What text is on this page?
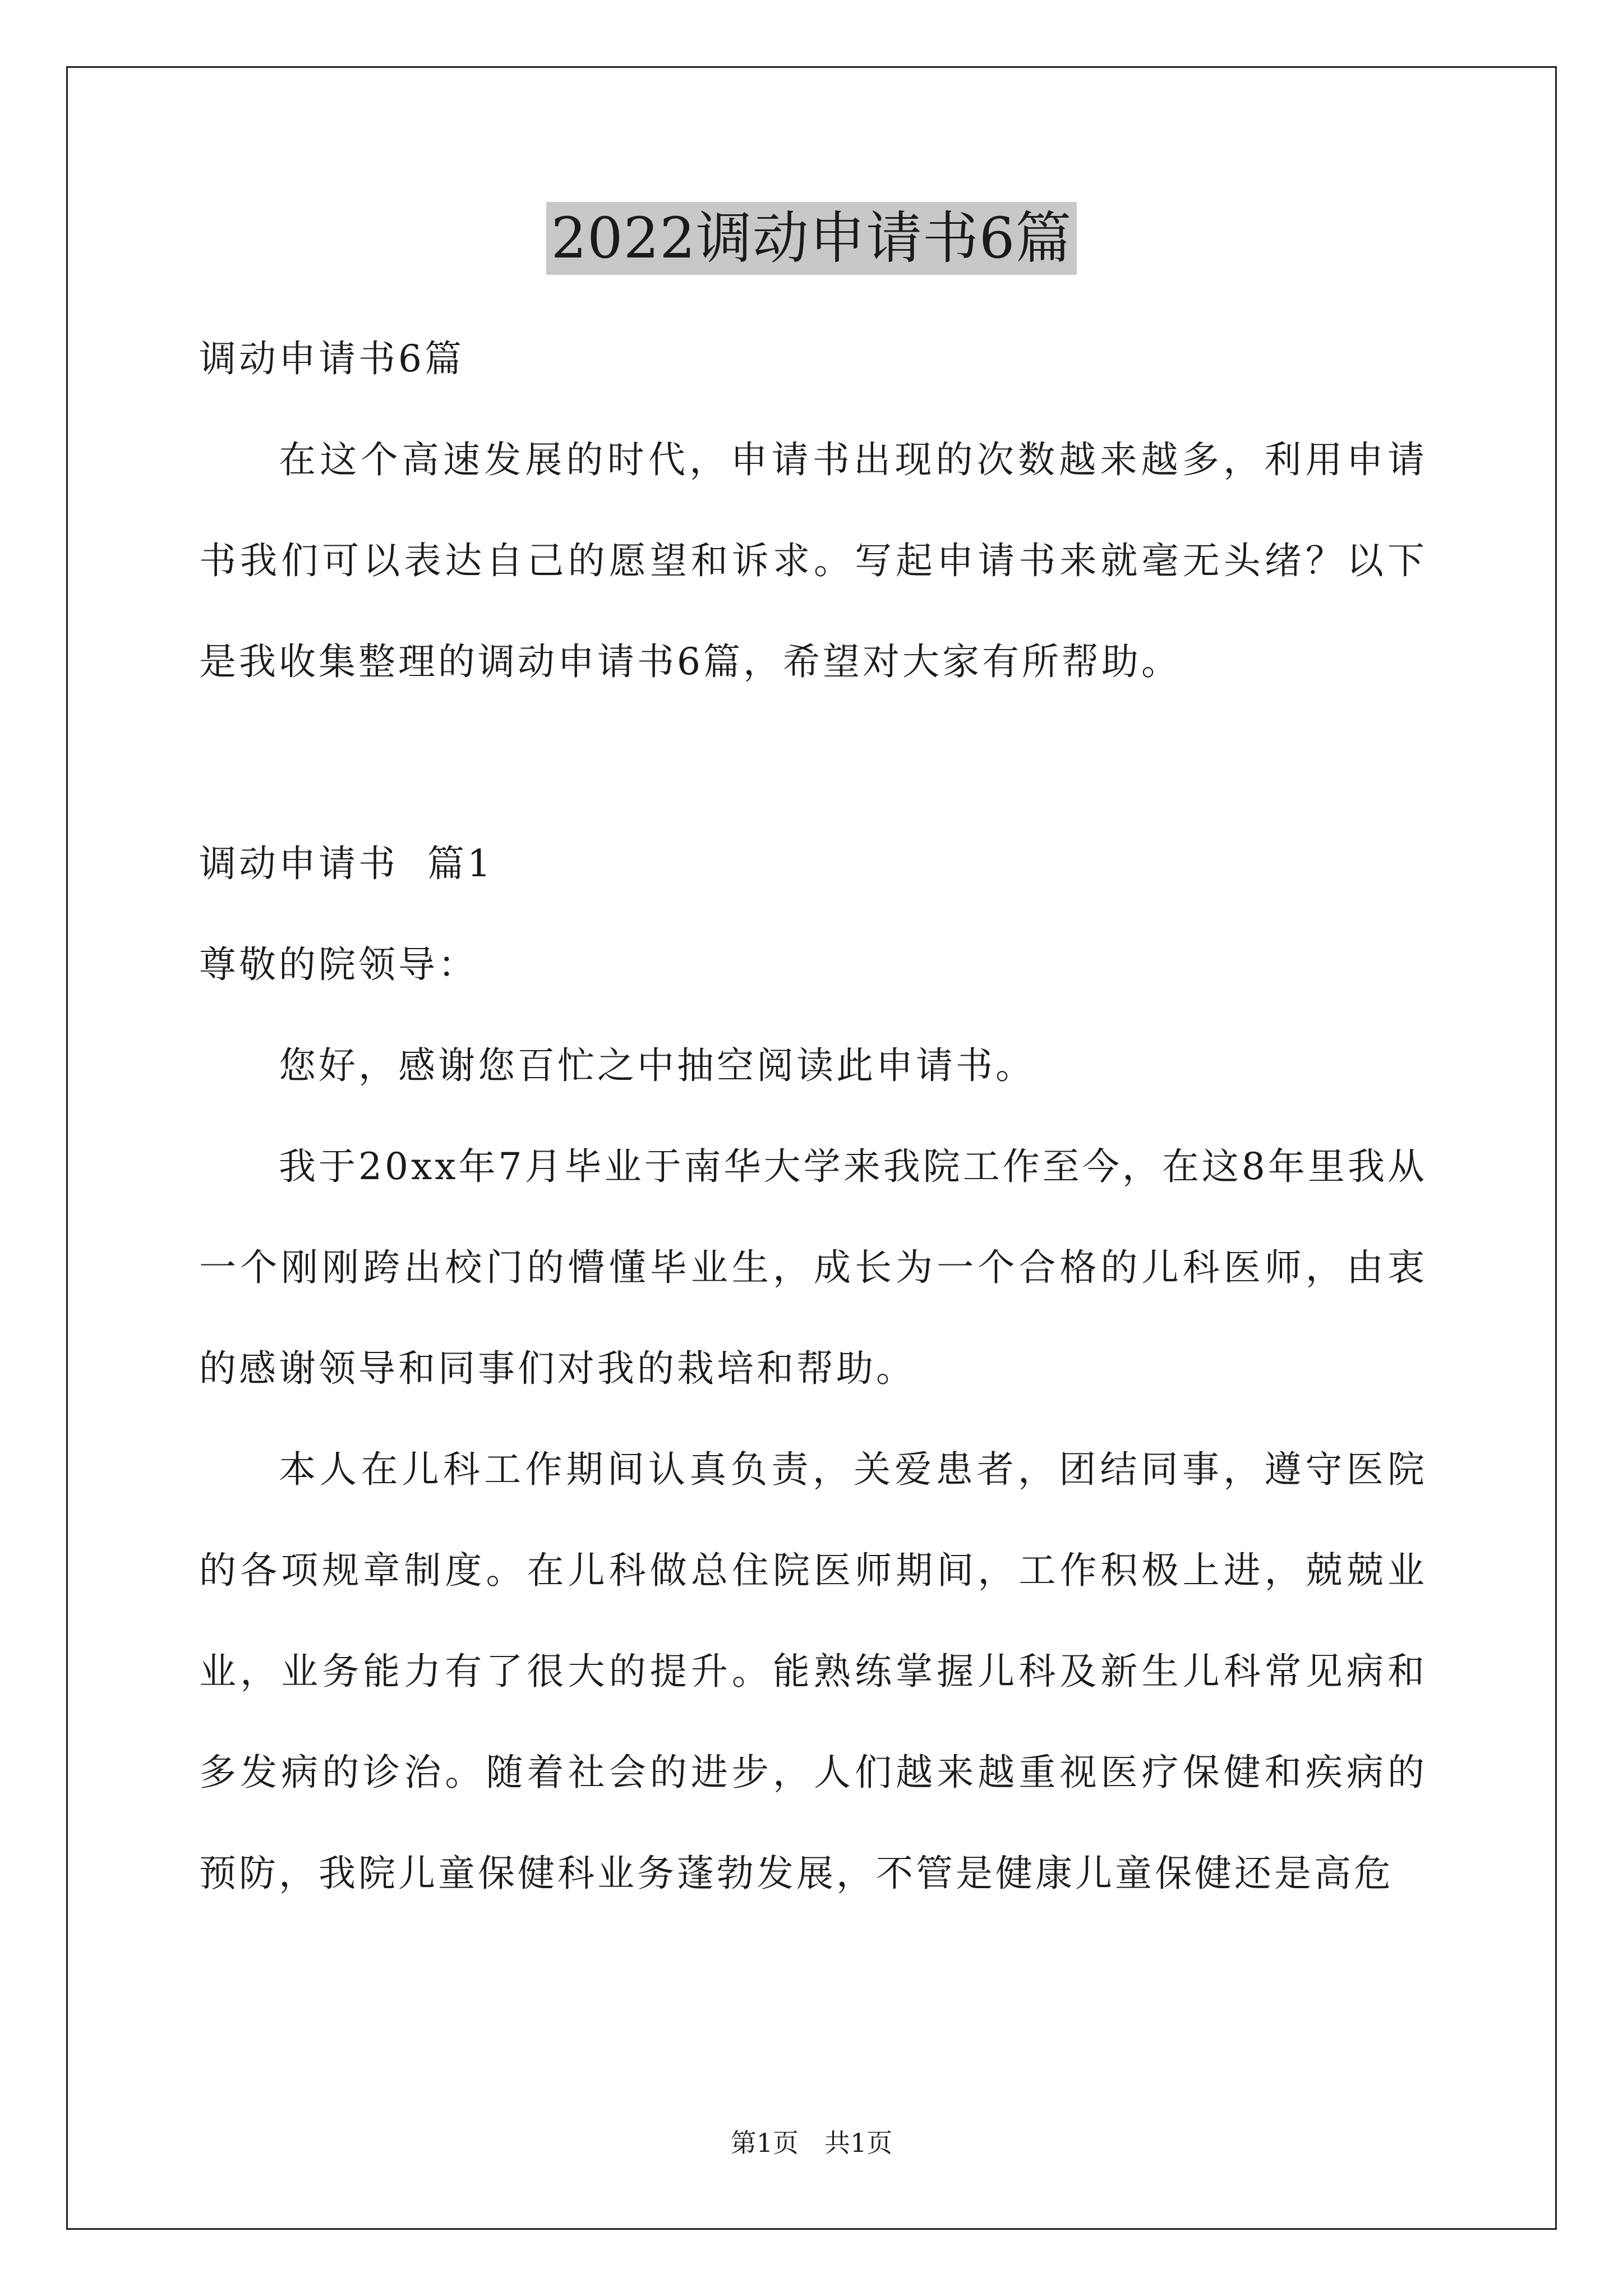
2022调动申请书6篇

调动申请书6篇

在这个高速发展的时代，申请书出现的次数越来越多，利用申请书我们可以表达自己的愿望和诉求。写起申请书来就毫无头绪？以下是我收集整理的调动申请书6篇，希望对大家有所帮助。

调动申请书  篇1

尊敬的院领导：

您好，感谢您百忙之中抽空阅读此申请书。

我于20xx年7月毕业于南华大学来我院工作至今，在这8年里我从一个刚刚跨出校门的懵懂毕业生，成长为一个合格的儿科医师，由衷的感谢领导和同事们对我的栽培和帮助。

本人在儿科工作期间认真负责，关爱患者，团结同事，遵守医院的各项规章制度。在儿科做总住院医师期间，工作积极上进，兢兢业业，业务能力有了很大的提升。能熟练掌握儿科及新生儿科常见病和多发病的诊治。随着社会的进步，人们越来越重视医疗保健和疾病的预防，我院儿童保健科业务蓬勃发展，不管是健康儿童保健还是高危

第1页 共1页
